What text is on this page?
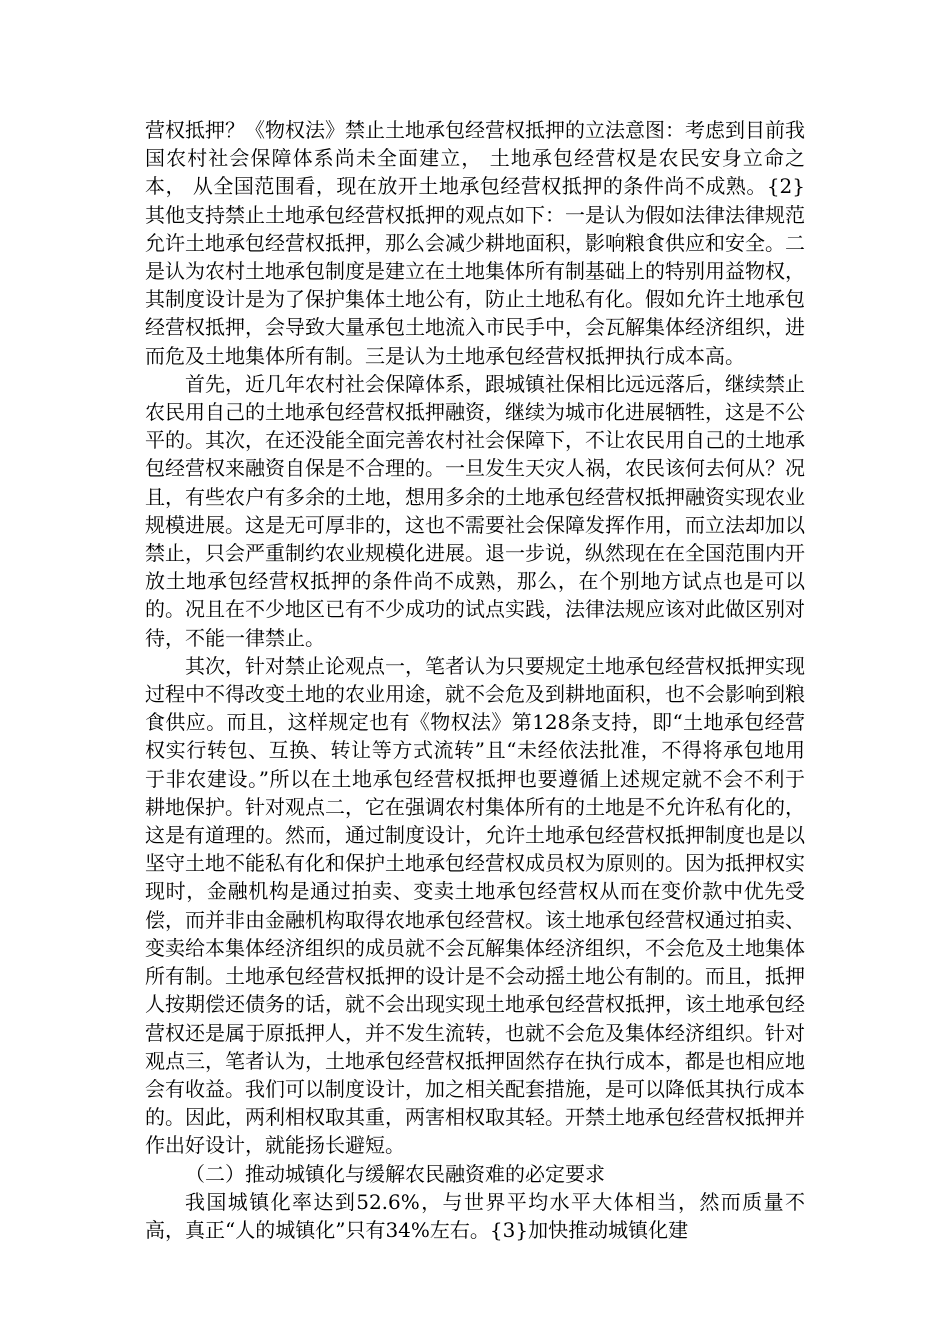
营权抵押？《物权法》禁止土地承包经营权抵押的立法意图：考虑到目前我国农村社会保障体系尚未全面建立， 土地承包经营权是农民安身立命之本， 从全国范围看，现在放开土地承包经营权抵押的条件尚不成熟。{2}其他支持禁止土地承包经营权抵押的观点如下：一是认为假如法律法律规范允许土地承包经营权抵押，那么会减少耕地面积，影响粮食供应和安全。二是认为农村土地承包制度是建立在土地集体所有制基础上的特别用益物权，其制度设计是为了保护集体土地公有，防止土地私有化。假如允许土地承包经营权抵押，会导致大量承包土地流入市民手中，会瓦解集体经济组织，进而危及土地集体所有制。三是认为土地承包经营权抵押执行成本高。

首先，近几年农村社会保障体系，跟城镇社保相比远远落后，继续禁止农民用自己的土地承包经营权抵押融资，继续为城市化进展牺牲，这是不公平的。其次，在还没能全面完善农村社会保障下，不让农民用自己的土地承包经营权来融资自保是不合理的。一旦发生天灾人祸，农民该何去何从？况且，有些农户有多余的土地，想用多余的土地承包经营权抵押融资实现农业规模进展。这是无可厚非的，这也不需要社会保障发挥作用，而立法却加以禁止，只会严重制约农业规模化进展。退一步说，纵然现在在全国范围内开放土地承包经营权抵押的条件尚不成熟，那么，在个别地方试点也是可以的。况且在不少地区已有不少成功的试点实践，法律法规应该对此做区别对待，不能一律禁止。

其次，针对禁止论观点一，笔者认为只要规定土地承包经营权抵押实现过程中不得改变土地的农业用途，就不会危及到耕地面积，也不会影响到粮食供应。而且，这样规定也有《物权法》第128条支持，即“土地承包经营权实行转包、互换、转让等方式流转”且“未经依法批准，不得将承包地用于非农建设。”所以在土地承包经营权抵押也要遵循上述规定就不会不利于耕地保护。针对观点二，它在强调农村集体所有的土地是不允许私有化的，这是有道理的。然而，通过制度设计，允许土地承包经营权抵押制度也是以坚守土地不能私有化和保护土地承包经营权成员权为原则的。因为抵押权实现时，金融机构是通过拍卖、变卖土地承包经营权从而在变价款中优先受偿，而并非由金融机构取得农地承包经营权。该土地承包经营权通过拍卖、变卖给本集体经济组织的成员就不会瓦解集体经济组织，不会危及土地集体所有制。土地承包经营权抵押的设计是不会动摇土地公有制的。而且，抵押人按期偿还债务的话，就不会出现实现土地承包经营权抵押，该土地承包经营权还是属于原抵押人，并不发生流转，也就不会危及集体经济组织。针对观点三，笔者认为，土地承包经营权抵押固然存在执行成本，都是也相应地会有收益。我们可以制度设计，加之相关配套措施，是可以降低其执行成本的。因此，两利相权取其重，两害相权取其轻。开禁土地承包经营权抵押并作出好设计，就能扬长避短。

（二）推动城镇化与缓解农民融资难的必定要求

我国城镇化率达到52.6%，与世界平均水平大体相当，然而质量不高，真正“人的城镇化”只有34%左右。{3}加快推动城镇化建
